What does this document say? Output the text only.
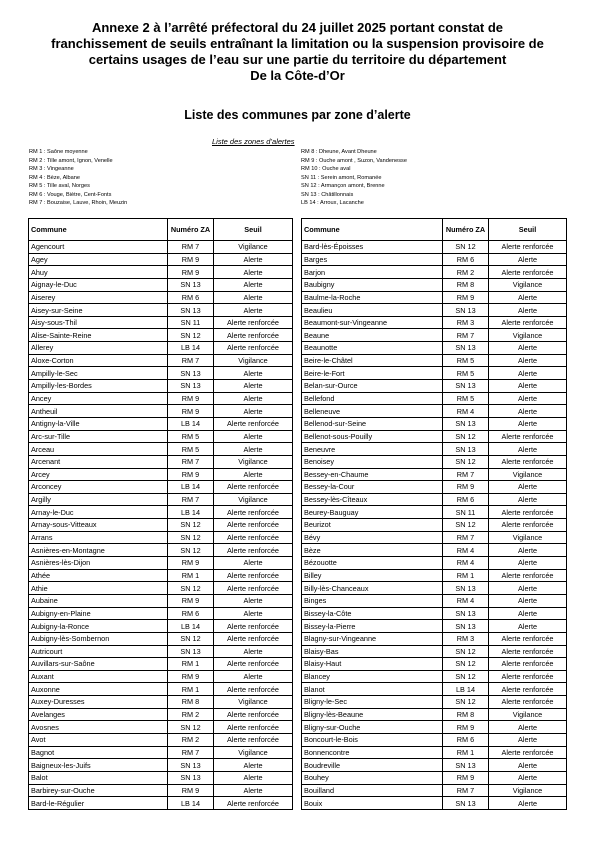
Annexe 2 à l’arrêté préfectoral du 24 juillet 2025 portant constat de
franchissement de seuils entraînant la limitation ou la suspension provisoire de
certains usages de l’eau sur une partie du territoire du département
De la Côte-d’Or
Liste des communes par zone d’alerte
Liste des zones d’alertes
RM 1 : Saône moyenne
RM 2 : Tille amont, Ignon, Venelle
RM 3 : Vingeanne
RM 4 : Bèze, Albane
RM 5 : Tille aval, Norges
RM 6 : Vouge, Biètre, Cent-Fonts
RM 7 : Bouzaise, Lauve, Rhoin, Meuzin
RM 8 : Dheune, Avant Dheune
RM 9 : Ouche amont , Suzon, Vandenesse
RM 10 : Ouche aval
SN 11 : Serein amont, Romanée
SN 12 : Armançon amont, Brenne
SN 13 : Châtillonnais
LB 14 : Arroux, Lacanche
Commune	Numéro ZA	Seuil
Agencourt	RM 7	Vigilance
Agey	RM 9	Alerte
Ahuy	RM 9	Alerte
Aignay-le-Duc	SN 13	Alerte
Aiserey	RM 6	Alerte
Aisey-sur-Seine	SN 13	Alerte
Aisy-sous-Thil	SN 11	Alerte renforcée
Alise-Sainte-Reine	SN 12	Alerte renforcée
Allerey	LB 14	Alerte renforcée
Aloxe-Corton	RM 7	Vigilance
Ampilly-le-Sec	SN 13	Alerte
Ampilly-les-Bordes	SN 13	Alerte
Ancey	RM 9	Alerte
Antheuil	RM 9	Alerte
Antigny-la-Ville	LB 14	Alerte renforcée
Arc-sur-Tille	RM 5	Alerte
Arceau	RM 5	Alerte
Arcenant	RM 7	Vigilance
Arcey	RM 9	Alerte
Arconcey	LB 14	Alerte renforcée
Argilly	RM 7	Vigilance
Arnay-le-Duc	LB 14	Alerte renforcée
Arnay-sous-Vitteaux	SN 12	Alerte renforcée
Arrans	SN 12	Alerte renforcée
Asnières-en-Montagne	SN 12	Alerte renforcée
Asnières-lès-Dijon	RM 9	Alerte
Athée	RM 1	Alerte renforcée
Athie	SN 12	Alerte renforcée
Aubaine	RM 9	Alerte
Aubigny-en-Plaine	RM 6	Alerte
Aubigny-la-Ronce	LB 14	Alerte renforcée
Aubigny-lès-Sombernon	SN 12	Alerte renforcée
Autricourt	SN 13	Alerte
Auvillars-sur-Saône	RM 1	Alerte renforcée
Auxant	RM 9	Alerte
Auxonne	RM 1	Alerte renforcée
Auxey-Duresses	RM 8	Vigilance
Avelanges	RM 2	Alerte renforcée
Avosnes	SN 12	Alerte renforcée
Avot	RM 2	Alerte renforcée
Bagnot	RM 7	Vigilance
Baigneux-les-Juifs	SN 13	Alerte
Balot	SN 13	Alerte
Barbirey-sur-Ouche	RM 9	Alerte
Bard-le-Régulier	LB 14	Alerte renforcée
Commune	Numéro ZA	Seuil
Bard-lès-Époisses	SN 12	Alerte renforcée
Barges	RM 6	Alerte
Barjon	RM 2	Alerte renforcée
Baubigny	RM 8	Vigilance
Baulme-la-Roche	RM 9	Alerte
Beaulieu	SN 13	Alerte
Beaumont-sur-Vingeanne	RM 3	Alerte renforcée
Beaune	RM 7	Vigilance
Beaunotte	SN 13	Alerte
Beire-le-Châtel	RM 5	Alerte
Beire-le-Fort	RM 5	Alerte
Belan-sur-Ource	SN 13	Alerte
Bellefond	RM 5	Alerte
Belleneuve	RM 4	Alerte
Bellenod-sur-Seine	SN 13	Alerte
Bellenot-sous-Pouilly	SN 12	Alerte renforcée
Beneuvre	SN 13	Alerte
Benoisey	SN 12	Alerte renforcée
Bessey-en-Chaume	RM 7	Vigilance
Bessey-la-Cour	RM 9	Alerte
Bessey-lès-Cîteaux	RM 6	Alerte
Beurey-Bauguay	SN 11	Alerte renforcée
Beurizot	SN 12	Alerte renforcée
Bévy	RM 7	Vigilance
Bèze	RM 4	Alerte
Bézouotte	RM 4	Alerte
Billey	RM 1	Alerte renforcée
Billy-lès-Chanceaux	SN 13	Alerte
Binges	RM 4	Alerte
Bissey-la-Côte	SN 13	Alerte
Bissey-la-Pierre	SN 13	Alerte
Blagny-sur-Vingeanne	RM 3	Alerte renforcée
Blaisy-Bas	SN 12	Alerte renforcée
Blaisy-Haut	SN 12	Alerte renforcée
Blancey	SN 12	Alerte renforcée
Blanot	LB 14	Alerte renforcée
Bligny-le-Sec	SN 12	Alerte renforcée
Bligny-lès-Beaune	RM 8	Vigilance
Bligny-sur-Ouche	RM 9	Alerte
Boncourt-le-Bois	RM 6	Alerte
Bonnencontre	RM 1	Alerte renforcée
Boudreville	SN 13	Alerte
Bouhey	RM 9	Alerte
Bouilland	RM 7	Vigilance
Bouix	SN 13	Alerte
